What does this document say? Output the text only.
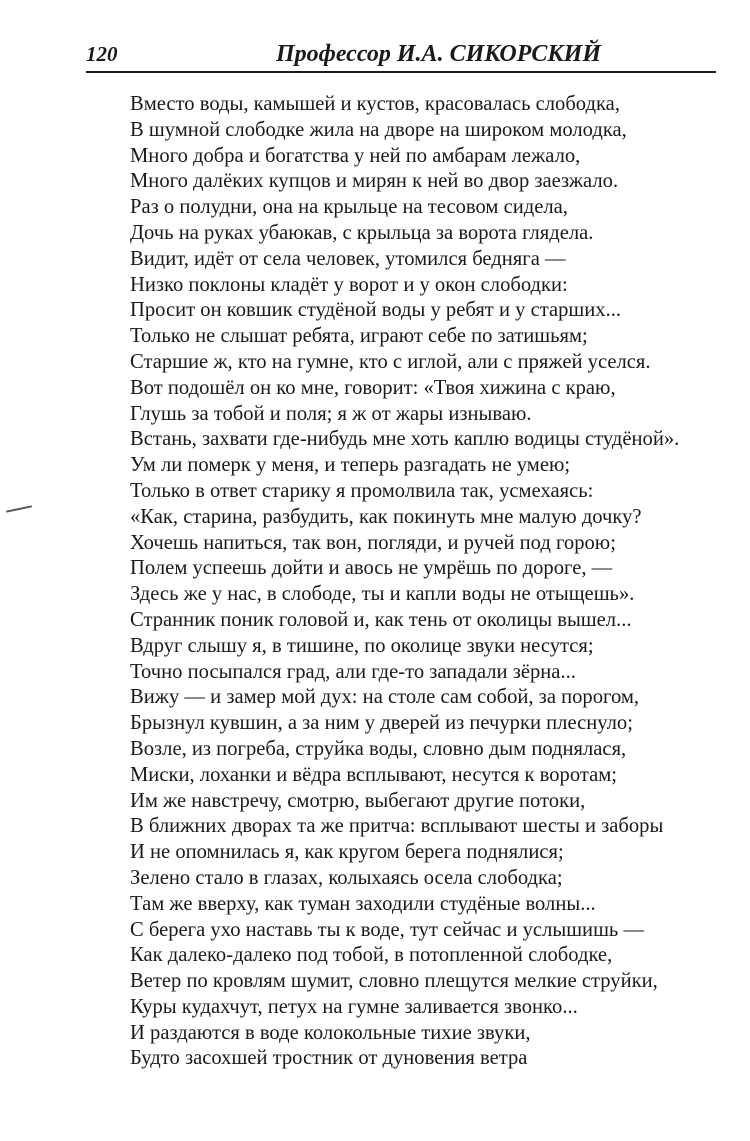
120	Профессор И.А. СИКОРСКИЙ
Вместо воды, камышей и кустов, красовалась слободка,
В шумной слободке жила на дворе на широком молодка,
Много добра и богатства у ней по амбарам лежало,
Много далёких купцов и мирян к ней во двор заезжало.
Раз о полудни, она на крыльце на тесовом сидела,
Дочь на руках убаюкав, с крыльца за ворота глядела.
Видит, идёт от села человек, утомился бедняга —
Низко поклоны кладёт у ворот и у окон слободки:
Просит он ковшик студёной воды у ребят и у старших...
Только не слышат ребята, играют себе по затишьям;
Старшие ж, кто на гумне, кто с иглой, али с пряжей уселся.
Вот подошёл он ко мне, говорит: «Твоя хижина с краю,
Глушь за тобой и поля; я ж от жары изнываю.
Встань, захвати где-нибудь мне хоть каплю водицы студёной».
Ум ли померк у меня, и теперь разгадать не умею;
Только в ответ старику я промолвила так, усмехаясь:
«Как, старина, разбудить, как покинуть мне малую дочку?
Хочешь напиться, так вон, погляди, и ручей под горою;
Полем успеешь дойти и авось не умрёшь по дороге, —
Здесь же у нас, в слободе, ты и капли воды не отыщешь».
Странник поник головой и, как тень от околицы вышел...
Вдруг слышу я, в тишине, по околице звуки несутся;
Точно посыпался град, али где-то западали зёрна...
Вижу — и замер мой дух: на столе сам собой, за порогом,
Брызнул кувшин, а за ним у дверей из печурки плеснуло;
Возле, из погреба, струйка воды, словно дым поднялася,
Миски, лоханки и вёдра всплывают, несутся к воротам;
Им же навстречу, смотрю, выбегают другие потоки,
В ближних дворах та же притча: всплывают шесты и заборы
И не опомнилась я, как кругом берега поднялися;
Зелено стало в глазах, колыхаясь осела слободка;
Там же вверху, как туман заходили студёные волны...
С берега ухо наставь ты к воде, тут сейчас и услышишь —
Как далеко-далеко под тобой, в потопленной слободке,
Ветер по кровлям шумит, словно плещутся мелкие струйки,
Куры кудахчут, петух на гумне заливается звонко...
И раздаются в воде колокольные тихие звуки,
Будто засохшей тростник от дуновения ветра
